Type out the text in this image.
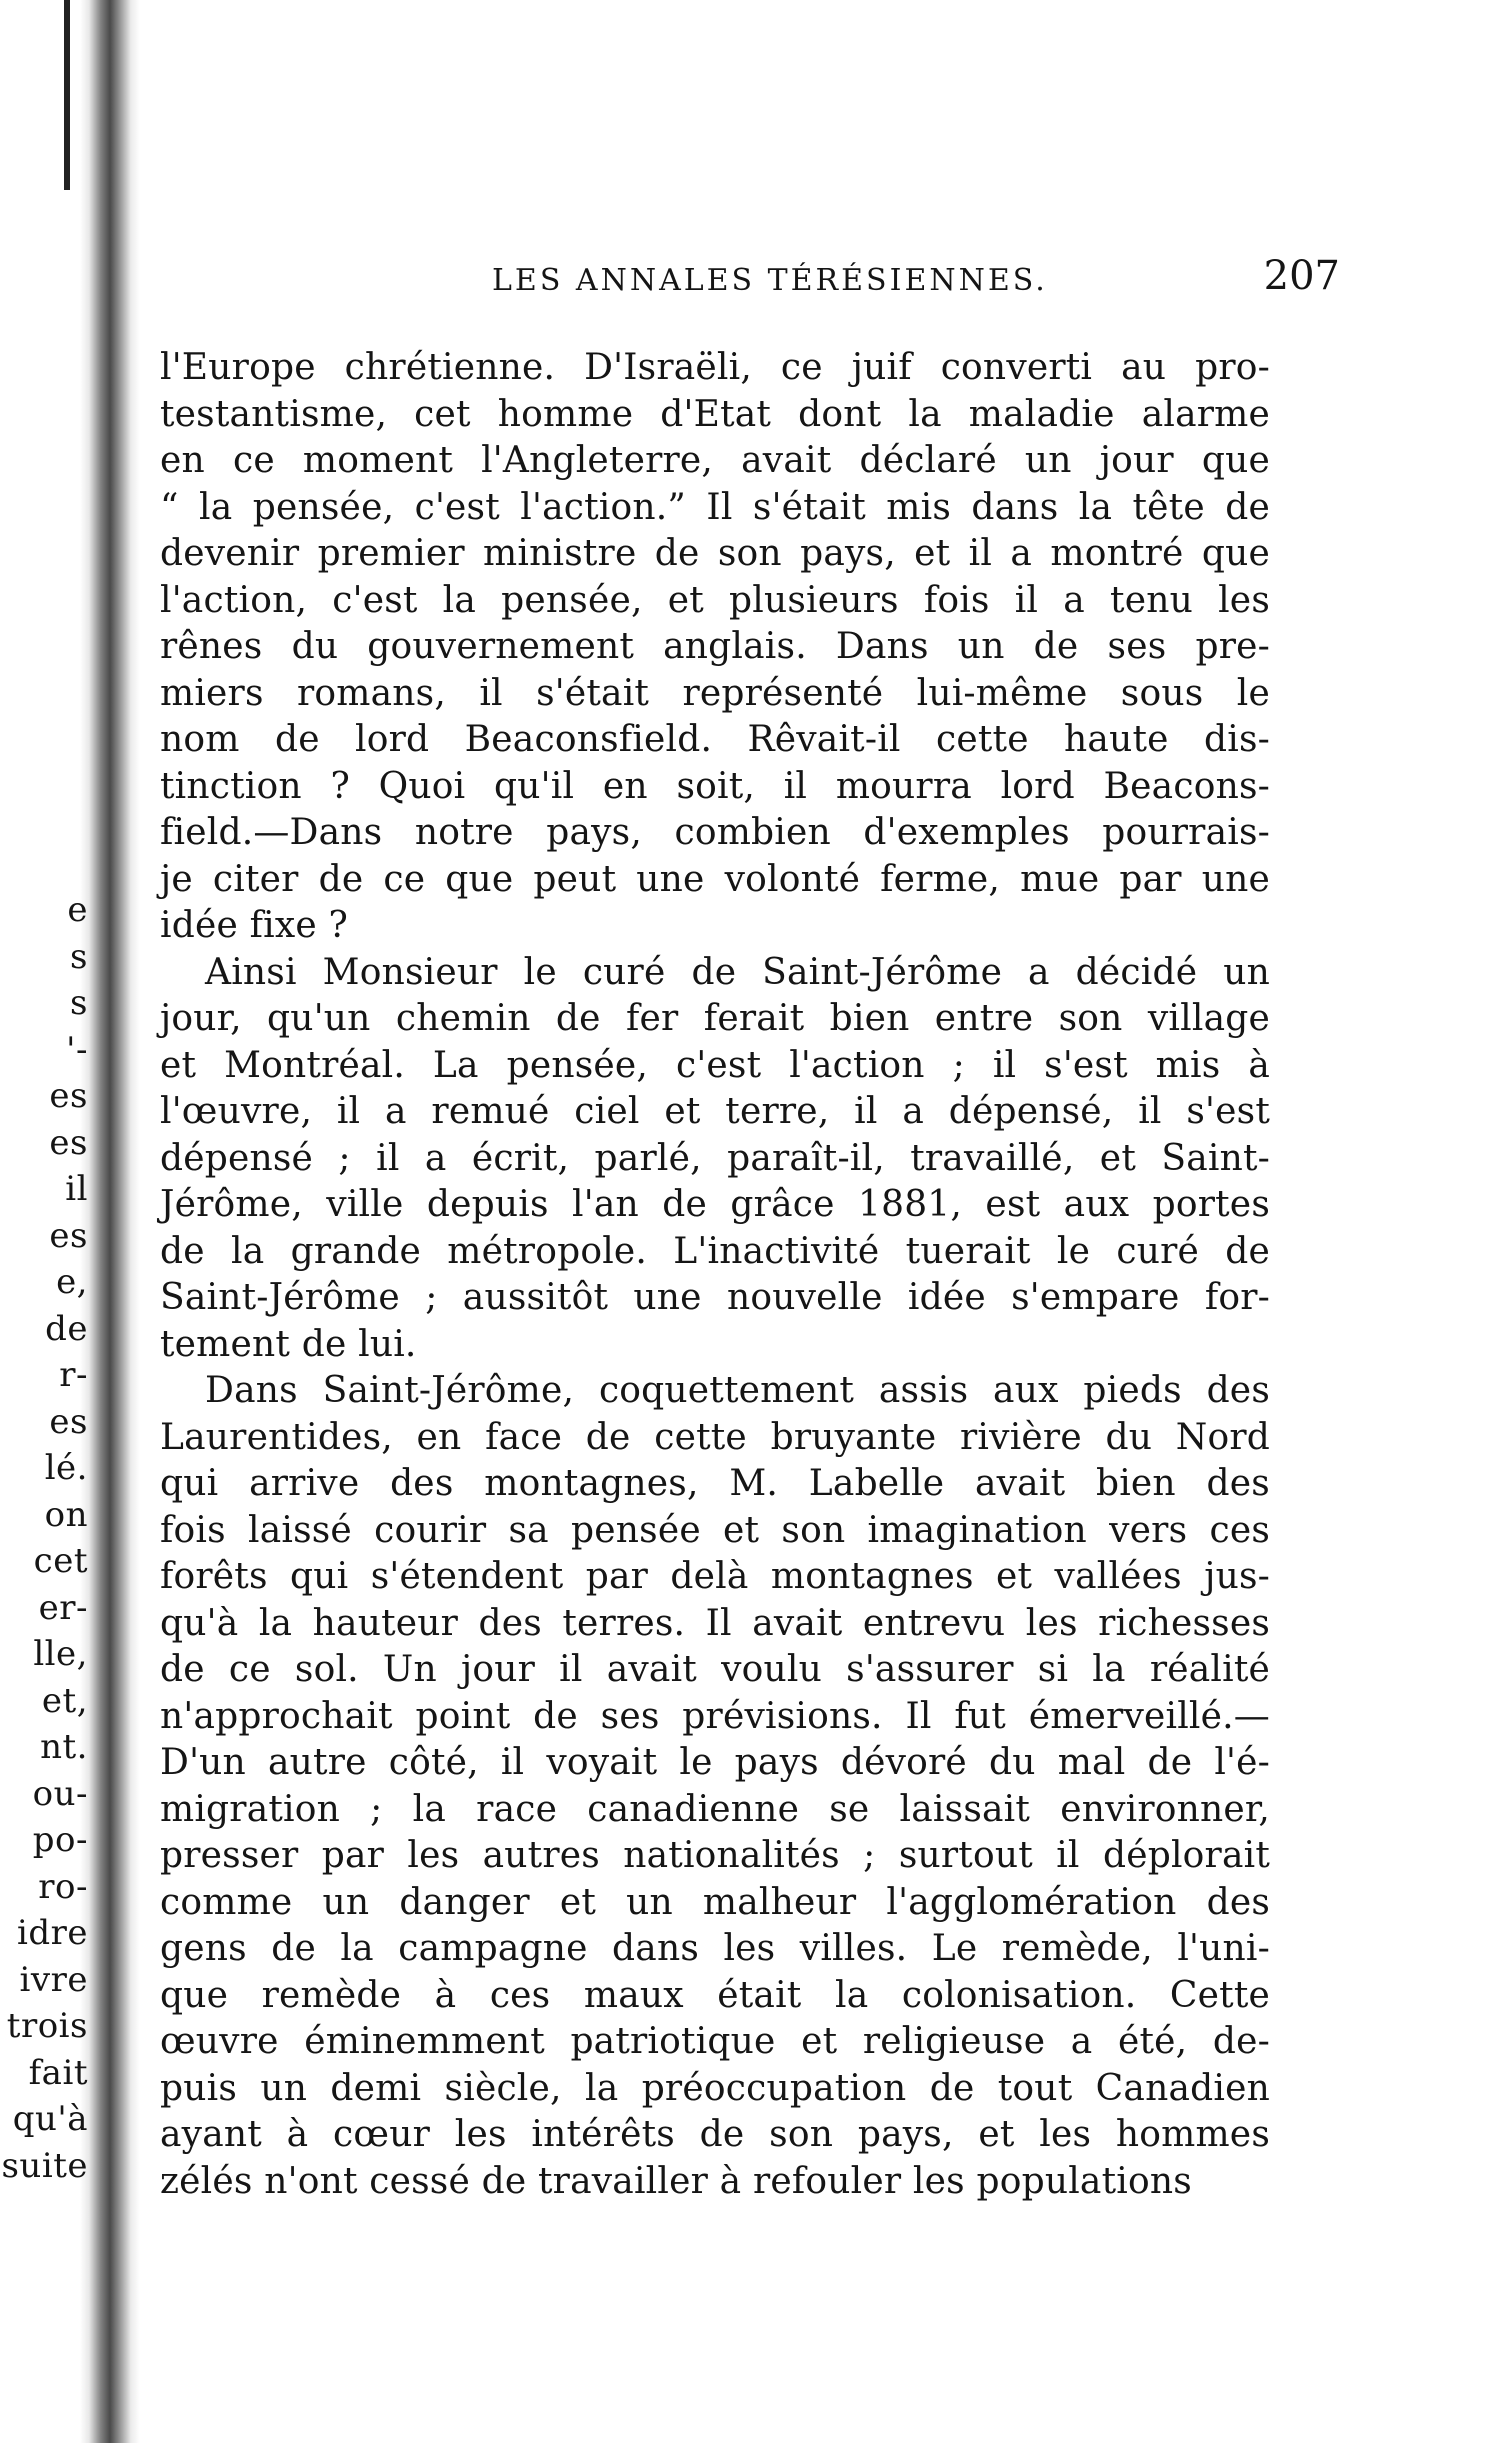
e
s
s
'-
es
es
il
es
e,
de
r-
es
lé.
on
cet
er-
lle,
et,
nt.
ou-
po-
ro-
idre
ivre
trois
fait
qu'à
suite
LES ANNALES TÉRÉSIENNES.	207
l'Europe chrétienne. D'Israëli, ce juif converti au pro-
testantisme, cet homme d'Etat dont la maladie alarme
en ce moment l'Angleterre, avait déclaré un jour que
“ la pensée, c'est l'action.” Il s'était mis dans la tête de
devenir premier ministre de son pays, et il a montré que
l'action, c'est la pensée, et plusieurs fois il a tenu les
rênes du gouvernement anglais. Dans un de ses pre-
miers romans, il s'était représenté lui-même sous le
nom de lord Beaconsfield. Rêvait-il cette haute dis-
tinction ? Quoi qu'il en soit, il mourra lord Beacons-
field.—Dans notre pays, combien d'exemples pourrais-
je citer de ce que peut une volonté ferme, mue par une
idée fixe ?
Ainsi Monsieur le curé de Saint-Jérôme a décidé un
jour, qu'un chemin de fer ferait bien entre son village
et Montréal. La pensée, c'est l'action ; il s'est mis à
l'œuvre, il a remué ciel et terre, il a dépensé, il s'est
dépensé ; il a écrit, parlé, paraît-il, travaillé, et Saint-
Jérôme, ville depuis l'an de grâce 1881, est aux portes
de la grande métropole. L'inactivité tuerait le curé de
Saint-Jérôme ; aussitôt une nouvelle idée s'empare for-
tement de lui.
Dans Saint-Jérôme, coquettement assis aux pieds des
Laurentides, en face de cette bruyante rivière du Nord
qui arrive des montagnes, M. Labelle avait bien des
fois laissé courir sa pensée et son imagination vers ces
forêts qui s'étendent par delà montagnes et vallées jus-
qu'à la hauteur des terres. Il avait entrevu les richesses
de ce sol. Un jour il avait voulu s'assurer si la réalité
n'approchait point de ses prévisions. Il fut émerveillé.—
D'un autre côté, il voyait le pays dévoré du mal de l'é-
migration ; la race canadienne se laissait environner,
presser par les autres nationalités ; surtout il déplorait
comme un danger et un malheur l'agglomération des
gens de la campagne dans les villes. Le remède, l'uni-
que remède à ces maux était la colonisation. Cette
œuvre éminemment patriotique et religieuse a été, de-
puis un demi siècle, la préoccupation de tout Canadien
ayant à cœur les intérêts de son pays, et les hommes
zélés n'ont cessé de travailler à refouler les populations
